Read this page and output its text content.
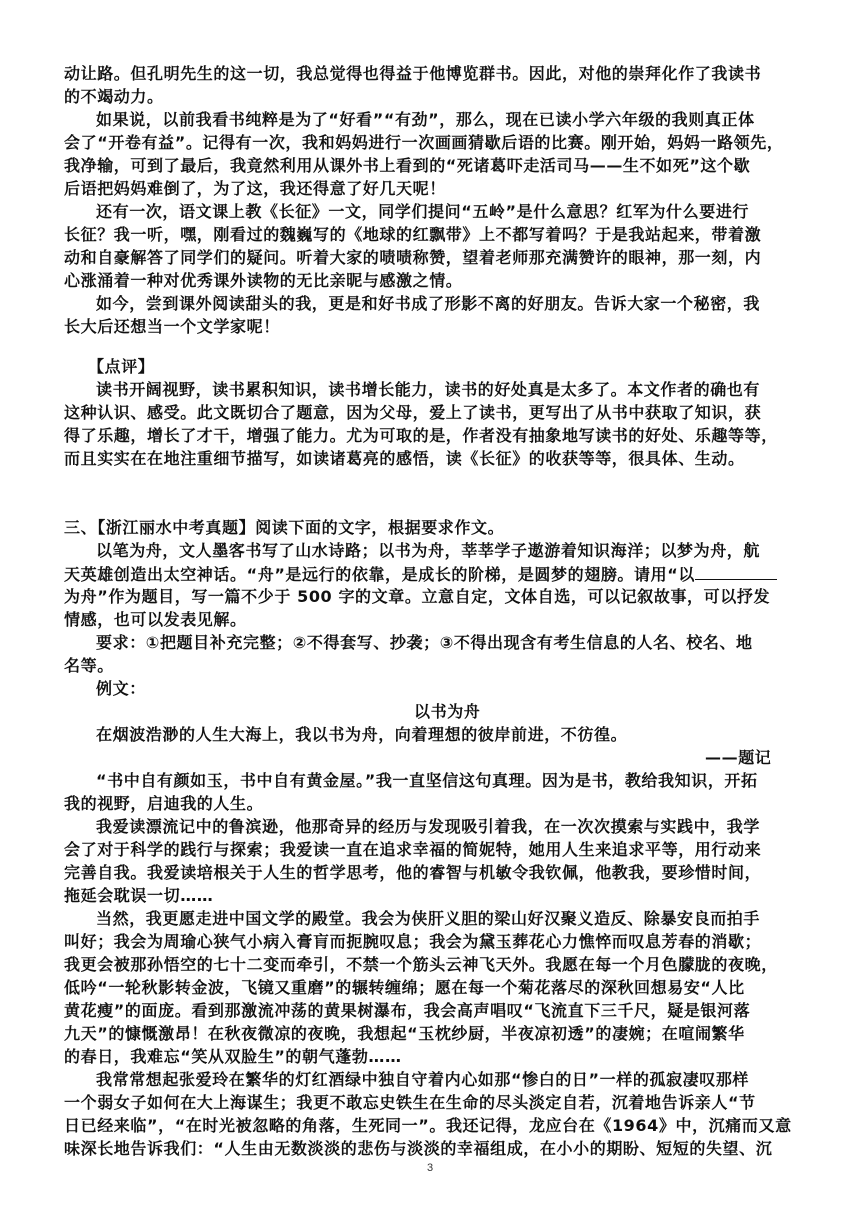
动让路。但孔明先生的这一切，我总觉得也得益于他博览群书。因此，对他的崇拜化作了我读书
的不竭动力。
如果说，以前我看书纯粹是为了“好看”“有劲”，那么，现在已读小学六年级的我则真正体
会了“开卷有益”。记得有一次，我和妈妈进行一次画画猜歇后语的比赛。刚开始，妈妈一路领先，
我净输，可到了最后，我竟然利用从课外书上看到的“死诸葛吓走活司马——生不如死”这个歇
后语把妈妈难倒了，为了这，我还得意了好几天呢！
还有一次，语文课上教《长征》一文，同学们提问“五岭”是什么意思？红军为什么要进行
长征？我一听，嘿，刚看过的魏巍写的《地球的红飘带》上不都写着吗？于是我站起来，带着激
动和自豪解答了同学们的疑问。听着大家的啧啧称赞，望着老师那充满赞许的眼神，那一刻，内
心涨涌着一种对优秀课外读物的无比亲昵与感激之情。
如今，尝到课外阅读甜头的我，更是和好书成了形影不离的好朋友。告诉大家一个秘密，我
长大后还想当一个文学家呢！
【点评】
读书开阔视野，读书累积知识，读书增长能力，读书的好处真是太多了。本文作者的确也有
这种认识、感受。此文既切合了题意，因为父母，爱上了读书，更写出了从书中获取了知识，获
得了乐趣，增长了才干，增强了能力。尤为可取的是，作者没有抽象地写读书的好处、乐趣等等，
而且实实在在地注重细节描写，如读诸葛亮的感悟，读《长征》的收获等等，很具体、生动。
三、【浙江丽水中考真题】阅读下面的文字，根据要求作文。
以笔为舟，文人墨客书写了山水诗路；以书为舟，莘莘学子遨游着知识海洋；以梦为舟，航
天英雄创造出太空神话。“舟”是远行的依靠，是成长的阶梯，是圆梦的翅膀。请用“以
为舟”作为题目，写一篇不少于 500 字的文章。立意自定，文体自选，可以记叙故事，可以抒发
情感，也可以发表见解。
要求：①把题目补充完整；②不得套写、抄袭；③不得出现含有考生信息的人名、校名、地
名等。
例文：
以书为舟
在烟波浩渺的人生大海上，我以书为舟，向着理想的彼岸前进，不彷徨。
——题记
“书中自有颜如玉，书中自有黄金屋。”我一直坚信这句真理。因为是书，教给我知识，开拓
我的视野，启迪我的人生。
我爱读漂流记中的鲁滨逊，他那奇异的经历与发现吸引着我，在一次次摸索与实践中，我学
会了对于科学的践行与探索；我爱读一直在追求幸福的简妮特，她用人生来追求平等，用行动来
完善自我。我爱读培根关于人生的哲学思考，他的睿智与机敏令我钦佩，他教我，要珍惜时间，
拖延会耽误一切……
当然，我更愿走进中国文学的殿堂。我会为侠肝义胆的梁山好汉聚义造反、除暴安良而拍手
叫好；我会为周瑜心狭气小病入膏肓而扼腕叹息；我会为黛玉葬花心力憔悴而叹息芳春的消歇；
我更会被那孙悟空的七十二变而牵引，不禁一个筋头云神飞天外。我愿在每一个月色朦胧的夜晚，
低吟“一轮秋影转金波，飞镜又重磨”的辗转缠绵；愿在每一个菊花落尽的深秋回想易安“人比
黄花瘦”的面庞。看到那激流冲荡的黄果树瀑布，我会高声唱叹“飞流直下三千尺，疑是银河落
九天”的慷慨激昂！在秋夜微凉的夜晚，我想起“玉枕纱厨，半夜凉初透”的凄婉；在喧闹繁华
的春日，我难忘“笑从双脸生”的朝气蓬勃……
我常常想起张爱玲在繁华的灯红酒绿中独自守着内心如那“惨白的日”一样的孤寂凄叹那样
一个弱女子如何在大上海谋生；我更不敢忘史铁生在生命的尽头淡定自若，沉着地告诉亲人“节
日已经来临”，“在时光被忽略的角落，生死同一”。我还记得，龙应台在《1964》中，沉痛而又意
味深长地告诉我们：“人生由无数淡淡的悲伤与淡淡的幸福组成，在小小的期盼、短短的失望、沉
3
